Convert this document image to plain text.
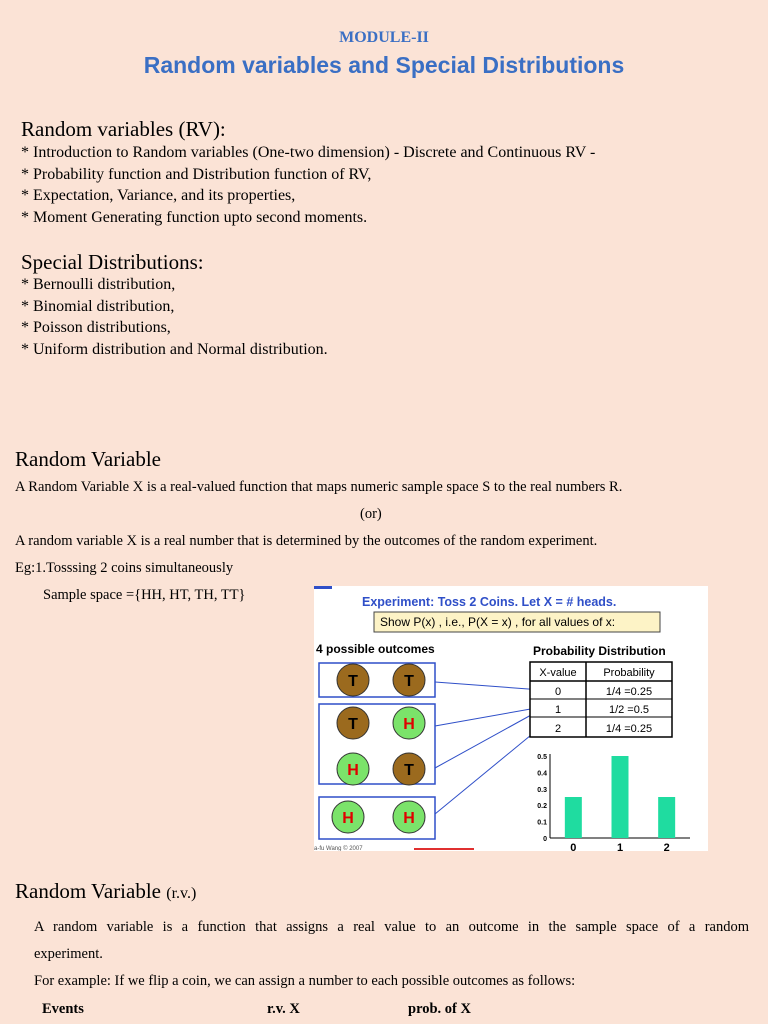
MODULE-II
Random variables and Special Distributions
Random variables (RV):
* Introduction to Random variables (One-two dimension) - Discrete and Continuous RV -
* Probability function and Distribution function of RV,
* Expectation, Variance, and its properties,
* Moment Generating function upto second moments.
Special Distributions:
* Bernoulli distribution,
* Binomial distribution,
* Poisson distributions,
* Uniform distribution and Normal distribution.
Random Variable
A Random Variable X is a real-valued function that maps numeric sample space S to the real numbers R.
(or)
A random variable X is a real number that is determined by the outcomes of the random experiment.
Eg:1.Tosssing 2 coins simultaneously
Sample space ={HH, HT, TH, TT}	Experiment: Toss 2 Coins. Let X = # heads.
Show P(x) , i.e., P(X = x) , for all values of x:
4 possible outcomes	Probability Distribution
T	T
T	H
H	T
H	H
X-value Probability
0	1/4 =0.25
1	1/2 =0.5
2	1/4 =0.25
0.5
0.4
0.3
0.2
0.1
0
0	1	2
a-fu Wang © 2007
Random Variable (r.v.)
A random variable is a function that assigns a real value to an outcome in the sample space of a random
experiment.
For example: If we flip a coin, we can assign a number to each possible outcomes as follows:
Events	r.v. X	prob. of X
